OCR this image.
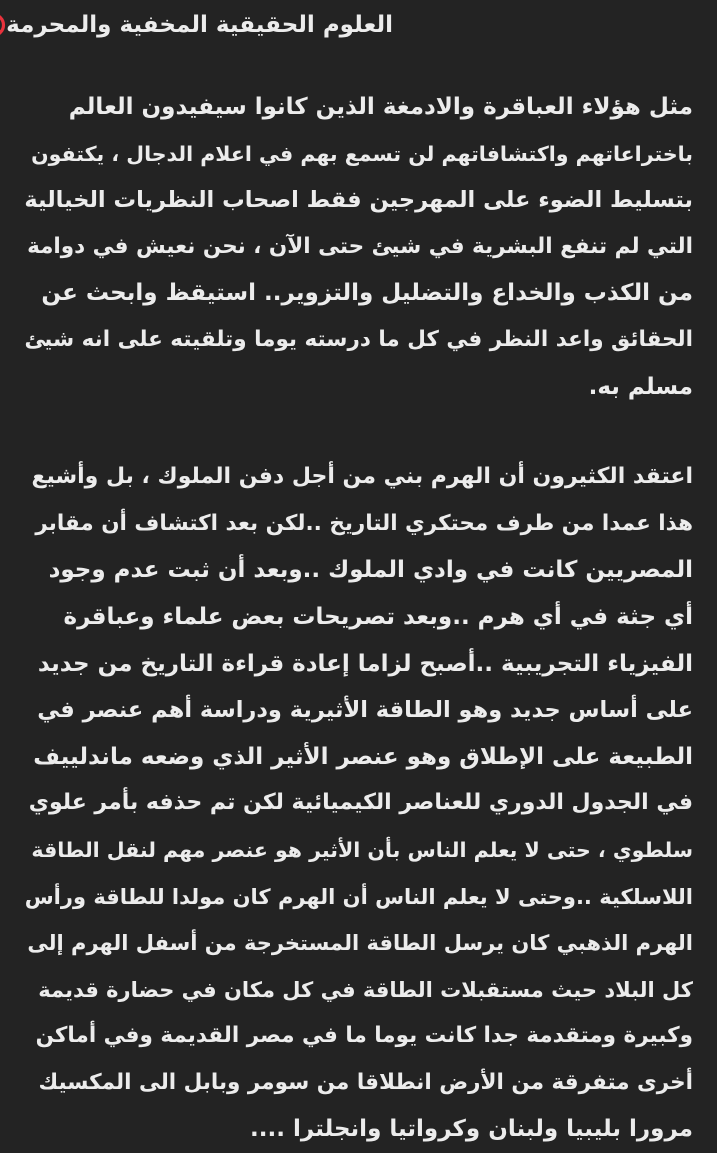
العلوم الحقيقية المخفية والمحرمة
مثل هؤلاء العباقرة والادمغة الذين كانوا سيفيدون العالم
باختراعاتهم واكتشافاتهم لن تسمع بهم في اعلام الدجال ، يكتفون
بتسليط الضوء على المهرجين فقط اصحاب النظريات الخيالية
التي لم تنفع البشرية في شيئ حتى الآن ، نحن نعيش في دوامة
من الكذب والخداع والتضليل والتزوير.. استيقظ وابحث عن
الحقائق واعد النظر في كل ما درسته يوما وتلقيته على انه شيئ
مسلم به.
اعتقد الكثيرون أن الهرم بني من أجل دفن الملوك ، بل وأشيع
هذا عمدا من طرف محتكري التاريخ ..لكن بعد اكتشاف أن مقابر
المصريين كانت في وادي الملوك ..وبعد أن ثبت عدم وجود
أي جثة في أي هرم ..وبعد تصريحات بعض علماء وعباقرة
الفيزياء التجريبية ..أصبح لزاما إعادة قراءة التاريخ من جديد
على أساس جديد وهو الطاقة الأثيرية ودراسة أهم عنصر في
الطبيعة على الإطلاق وهو عنصر الأثير الذي وضعه ماندلييف
في الجدول الدوري للعناصر الكيميائية لكن تم حذفه بأمر علوي
سلطوي ، حتى لا يعلم الناس بأن الأثير هو عنصر مهم لنقل الطاقة
اللاسلكية ..وحتى لا يعلم الناس أن الهرم كان مولدا للطاقة ورأس
الهرم الذهبي كان يرسل الطاقة المستخرجة من أسفل الهرم إلى
كل البلاد حيث مستقبلات الطاقة في كل مكان في حضارة قديمة
وكبيرة ومتقدمة جدا كانت يوما ما في مصر القديمة وفي أماكن
أخرى متفرقة من الأرض انطلاقا من سومر وبابل الى المكسيك
مرورا بليبيا ولبنان وكرواتيا وانجلترا ....
